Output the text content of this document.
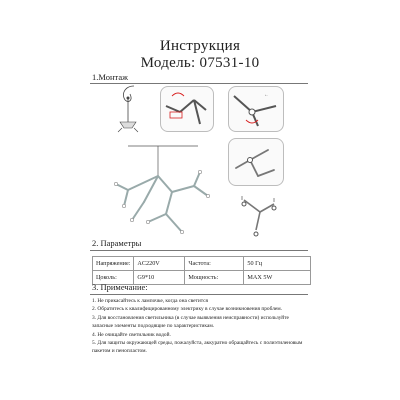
Инструкция
Модель: 07531-10
1.Монтаж
←
2. Параметры
Напряжение:	AC220V	Частота:	50 Гц
Цоколь:	G9*10	Мощность:	MAX 5W
3. Примечание:

1. Не прикасайтесь к лампочке, когда она светится

2. Обратитесь к квалифицированному электрику в случае возникновения проблем.

3. Для восстановления светильника (в случае выявления неисправности) используйте запасные элементы подходящие по характеристикам.

4. Не очищайте светильник водой.

5. Для защиты окружающей среды, пожалуйста, аккуратно обращайтесь с полиэтиленовым пакетом и пенопластом.
